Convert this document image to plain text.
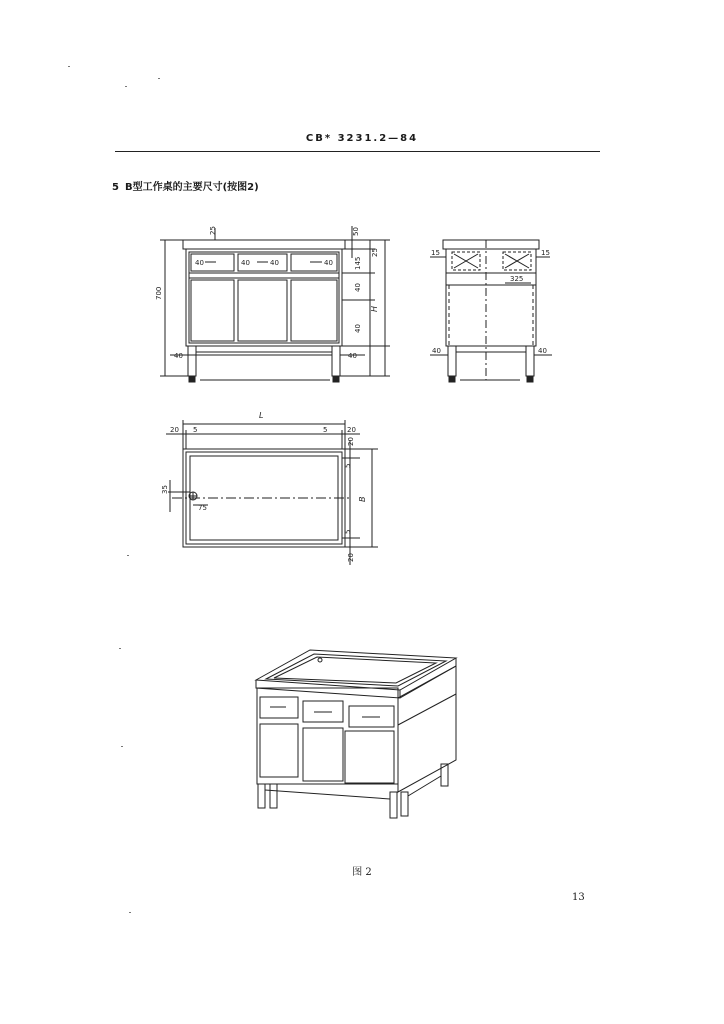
CB* 3231.2—84
5 B型工作桌的主要尺寸(按图2)
25	50
25
145
40
40
H
700
40	40
40	40	40	40
15	15
325
40	40
L
20 5	5	20
20
5
B
5
20
35
75
图 2
13
